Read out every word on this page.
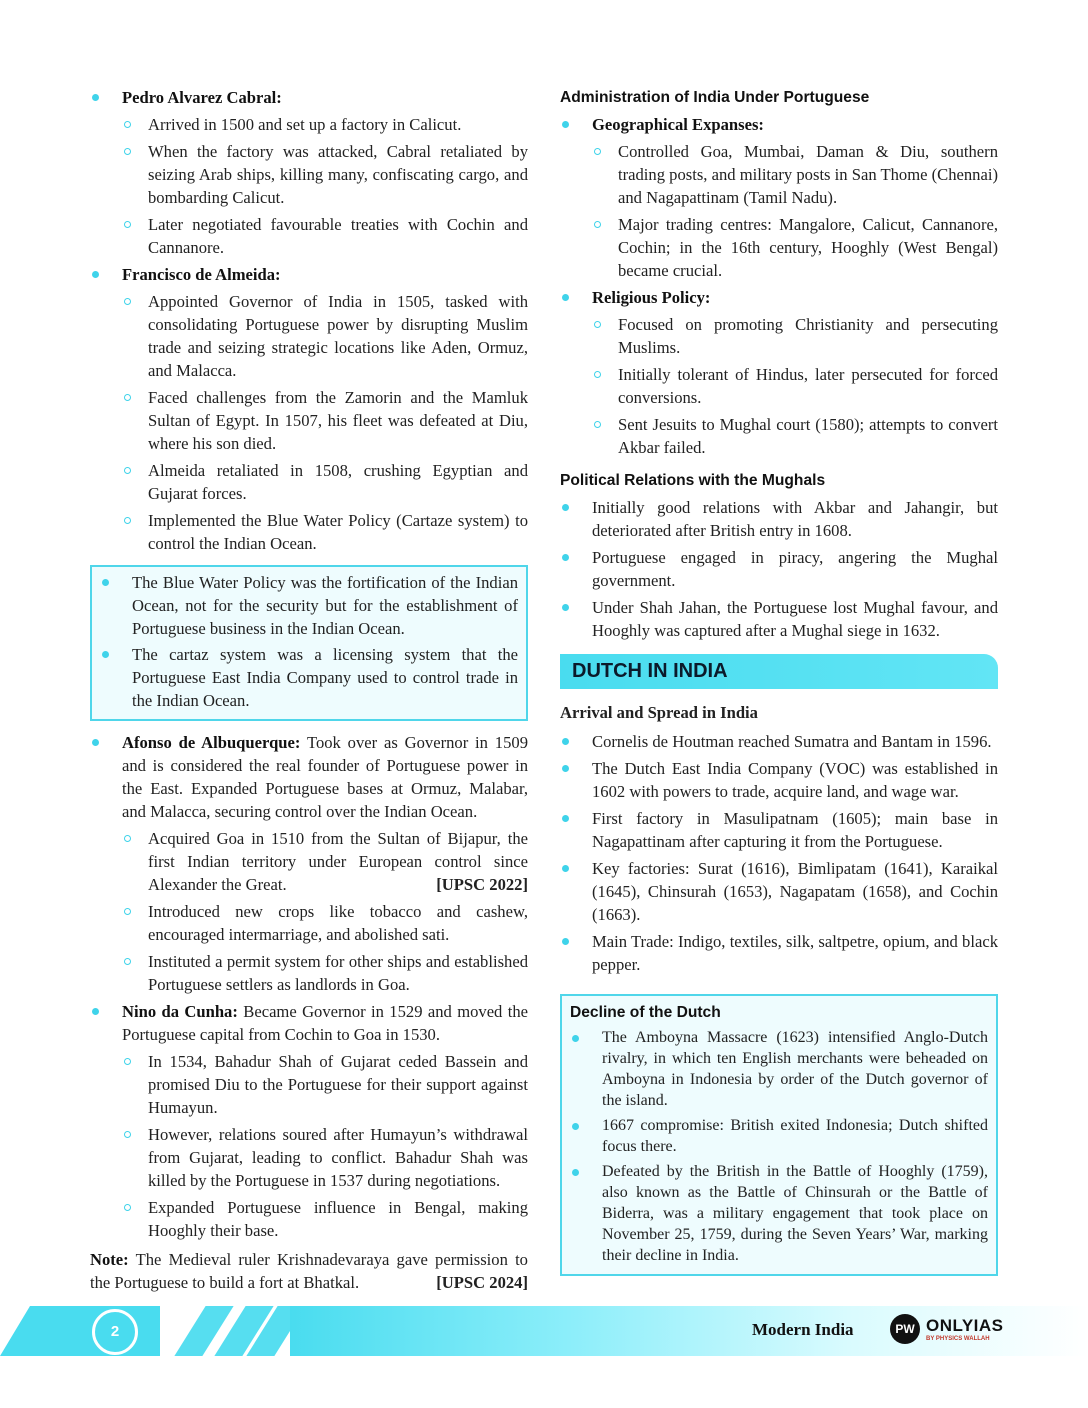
Pedro Alvarez Cabral:
Arrived in 1500 and set up a factory in Calicut.
When the factory was attacked, Cabral retaliated by seizing Arab ships, killing many, confiscating cargo, and bombarding Calicut.
Later negotiated favourable treaties with Cochin and Cannanore.
Francisco de Almeida:
Appointed Governor of India in 1505, tasked with consolidating Portuguese power by disrupting Muslim trade and seizing strategic locations like Aden, Ormuz, and Malacca.
Faced challenges from the Zamorin and the Mamluk Sultan of Egypt. In 1507, his fleet was defeated at Diu, where his son died.
Almeida retaliated in 1508, crushing Egyptian and Gujarat forces.
Implemented the Blue Water Policy (Cartaze system) to control the Indian Ocean.
The Blue Water Policy was the fortification of the Indian Ocean, not for the security but for the establishment of Portuguese business in the Indian Ocean.
The cartaz system was a licensing system that the Portuguese East India Company used to control trade in the Indian Ocean.
Afonso de Albuquerque: Took over as Governor in 1509 and is considered the real founder of Portuguese power in the East. Expanded Portuguese bases at Ormuz, Malabar, and Malacca, securing control over the Indian Ocean.
Acquired Goa in 1510 from the Sultan of Bijapur, the first Indian territory under European control since Alexander the Great.	[UPSC 2022]
Introduced new crops like tobacco and cashew, encouraged intermarriage, and abolished sati.
Instituted a permit system for other ships and established Portuguese settlers as landlords in Goa.
Nino da Cunha: Became Governor in 1529 and moved the Portuguese capital from Cochin to Goa in 1530.
In 1534, Bahadur Shah of Gujarat ceded Bassein and promised Diu to the Portuguese for their support against Humayun.
However, relations soured after Humayun’s withdrawal from Gujarat, leading to conflict. Bahadur Shah was killed by the Portuguese in 1537 during negotiations.
Expanded Portuguese influence in Bengal, making Hooghly their base.
Note: The Medieval ruler Krishnadevaraya gave permission to the Portuguese to build a fort at Bhatkal.	[UPSC 2024]
Administration of India Under Portuguese
Geographical Expanses:
Controlled Goa, Mumbai, Daman & Diu, southern trading posts, and military posts in San Thome (Chennai) and Nagapattinam (Tamil Nadu).
Major trading centres: Mangalore, Calicut, Cannanore, Cochin; in the 16th century, Hooghly (West Bengal) became crucial.
Religious Policy:
Focused on promoting Christianity and persecuting Muslims.
Initially tolerant of Hindus, later persecuted for forced conversions.
Sent Jesuits to Mughal court (1580); attempts to convert Akbar failed.
Political Relations with the Mughals
Initially good relations with Akbar and Jahangir, but deteriorated after British entry in 1608.
Portuguese engaged in piracy, angering the Mughal government.
Under Shah Jahan, the Portuguese lost Mughal favour, and Hooghly was captured after a Mughal siege in 1632.
DUTCH IN INDIA
Arrival and Spread in India
Cornelis de Houtman reached Sumatra and Bantam in 1596.
The Dutch East India Company (VOC) was established in 1602 with powers to trade, acquire land, and wage war.
First factory in Masulipatnam (1605); main base in Nagapattinam after capturing it from the Portuguese.
Key factories: Surat (1616), Bimlipatam (1641), Karaikal (1645), Chinsurah (1653), Nagapatam (1658), and Cochin (1663).
Main Trade: Indigo, textiles, silk, saltpetre, opium, and black pepper.
Decline of the Dutch
The Amboyna Massacre (1623) intensified Anglo-Dutch rivalry, in which ten English merchants were beheaded on Amboyna in Indonesia by order of the Dutch governor of the island.
1667 compromise: British exited Indonesia; Dutch shifted focus there.
Defeated by the British in the Battle of Hooghly (1759), also known as the Battle of Chinsurah or the Battle of Biderra, was a military engagement that took place on November 25, 1759, during the Seven Years’ War, marking their decline in India.
2	Modern India	PW ONLYIAS
BY PHYSICS WALLAH
